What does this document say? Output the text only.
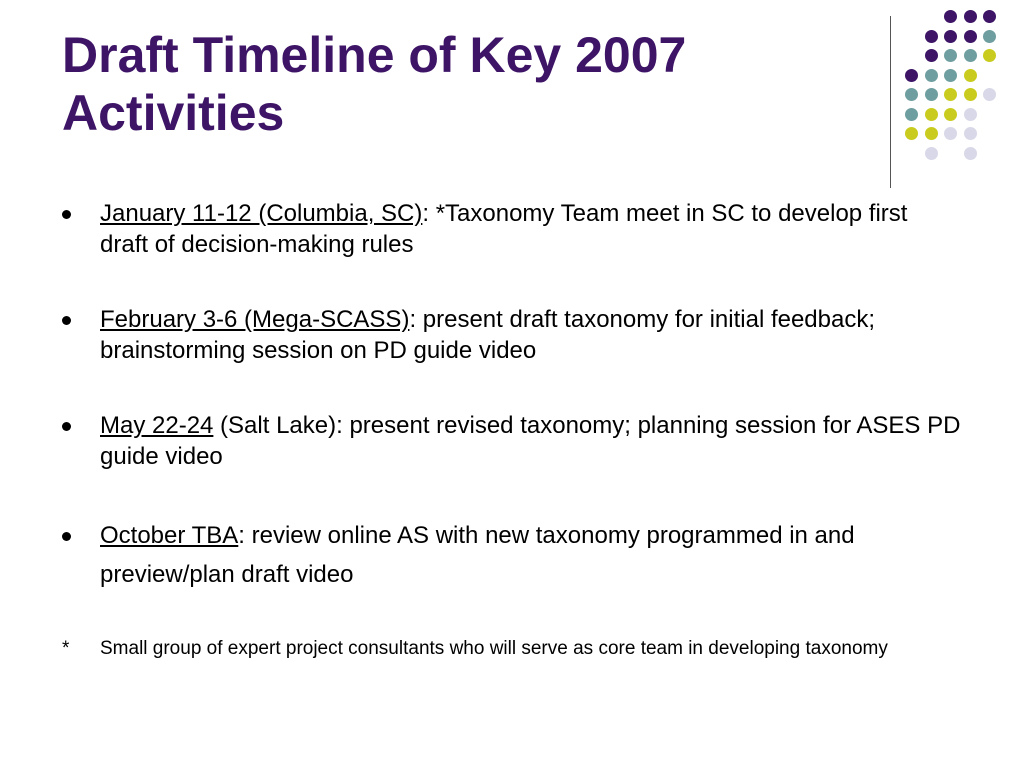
Draft Timeline of Key 2007
Activities
January 11-12 (Columbia, SC): *Taxonomy Team meet in SC to develop first draft of decision-making rules
February 3-6 (Mega-SCASS): present draft taxonomy for initial feedback; brainstorming session on PD guide video
May 22-24 (Salt Lake): present revised taxonomy; planning session for ASES PD guide video
October TBA: review online AS with new taxonomy programmed in and preview/plan draft video
* Small group of expert project consultants who will serve as core team in developing taxonomy
